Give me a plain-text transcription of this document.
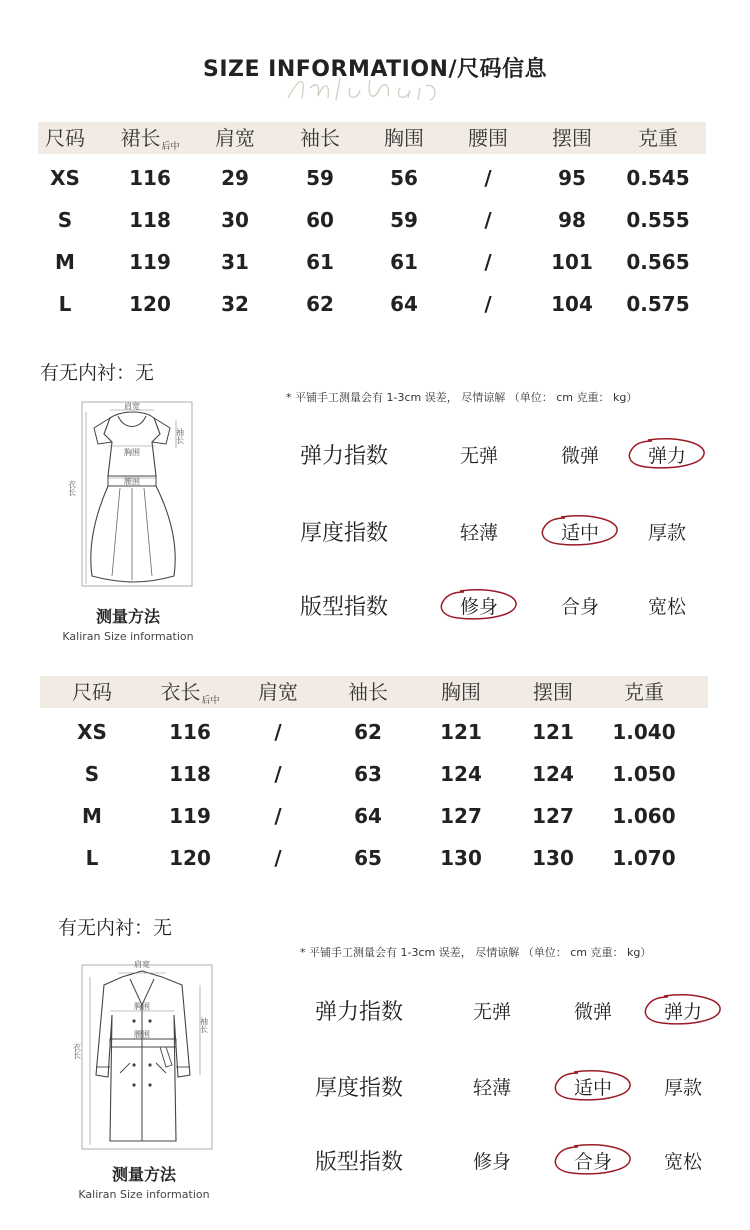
SIZE INFORMATION/尺码信息
尺码	裙长$_{后中}$	肩宽	袖长	胸围	腰围	摆围	克重
XS	116	29	59	56	/	95	0.545
S	118	30	60	59	/	98	0.555
M	119	31	61	61	/	101	0.565
L	120	32	62	64	/	104	0.575
有无内衬：无
* 平铺手工测量会有 1-3cm 误差， 尽情谅解 （单位： cm 克重： kg）
肩宽
胸围
腰围
袖长
衣长
测量方法
Kaliran Size information
弹力指数	无弹	微弹	弹力
厚度指数	轻薄	适中	厚款
版型指数	修身	合身	宽松
尺码	衣长$_{后中}$	肩宽	袖长	胸围	摆围	克重
XS	116	/	62	121	121	1.040
S	118	/	63	124	124	1.050
M	119	/	64	127	127	1.060
L	120	/	65	130	130	1.070
有无内衬：无
* 平铺手工测量会有 1-3cm 误差， 尽情谅解 （单位： cm 克重： kg）
肩宽
胸围
腰围
袖长
衣长
测量方法
Kaliran Size information
弹力指数	无弹	微弹	弹力
厚度指数	轻薄	适中	厚款
版型指数	修身	合身	宽松
